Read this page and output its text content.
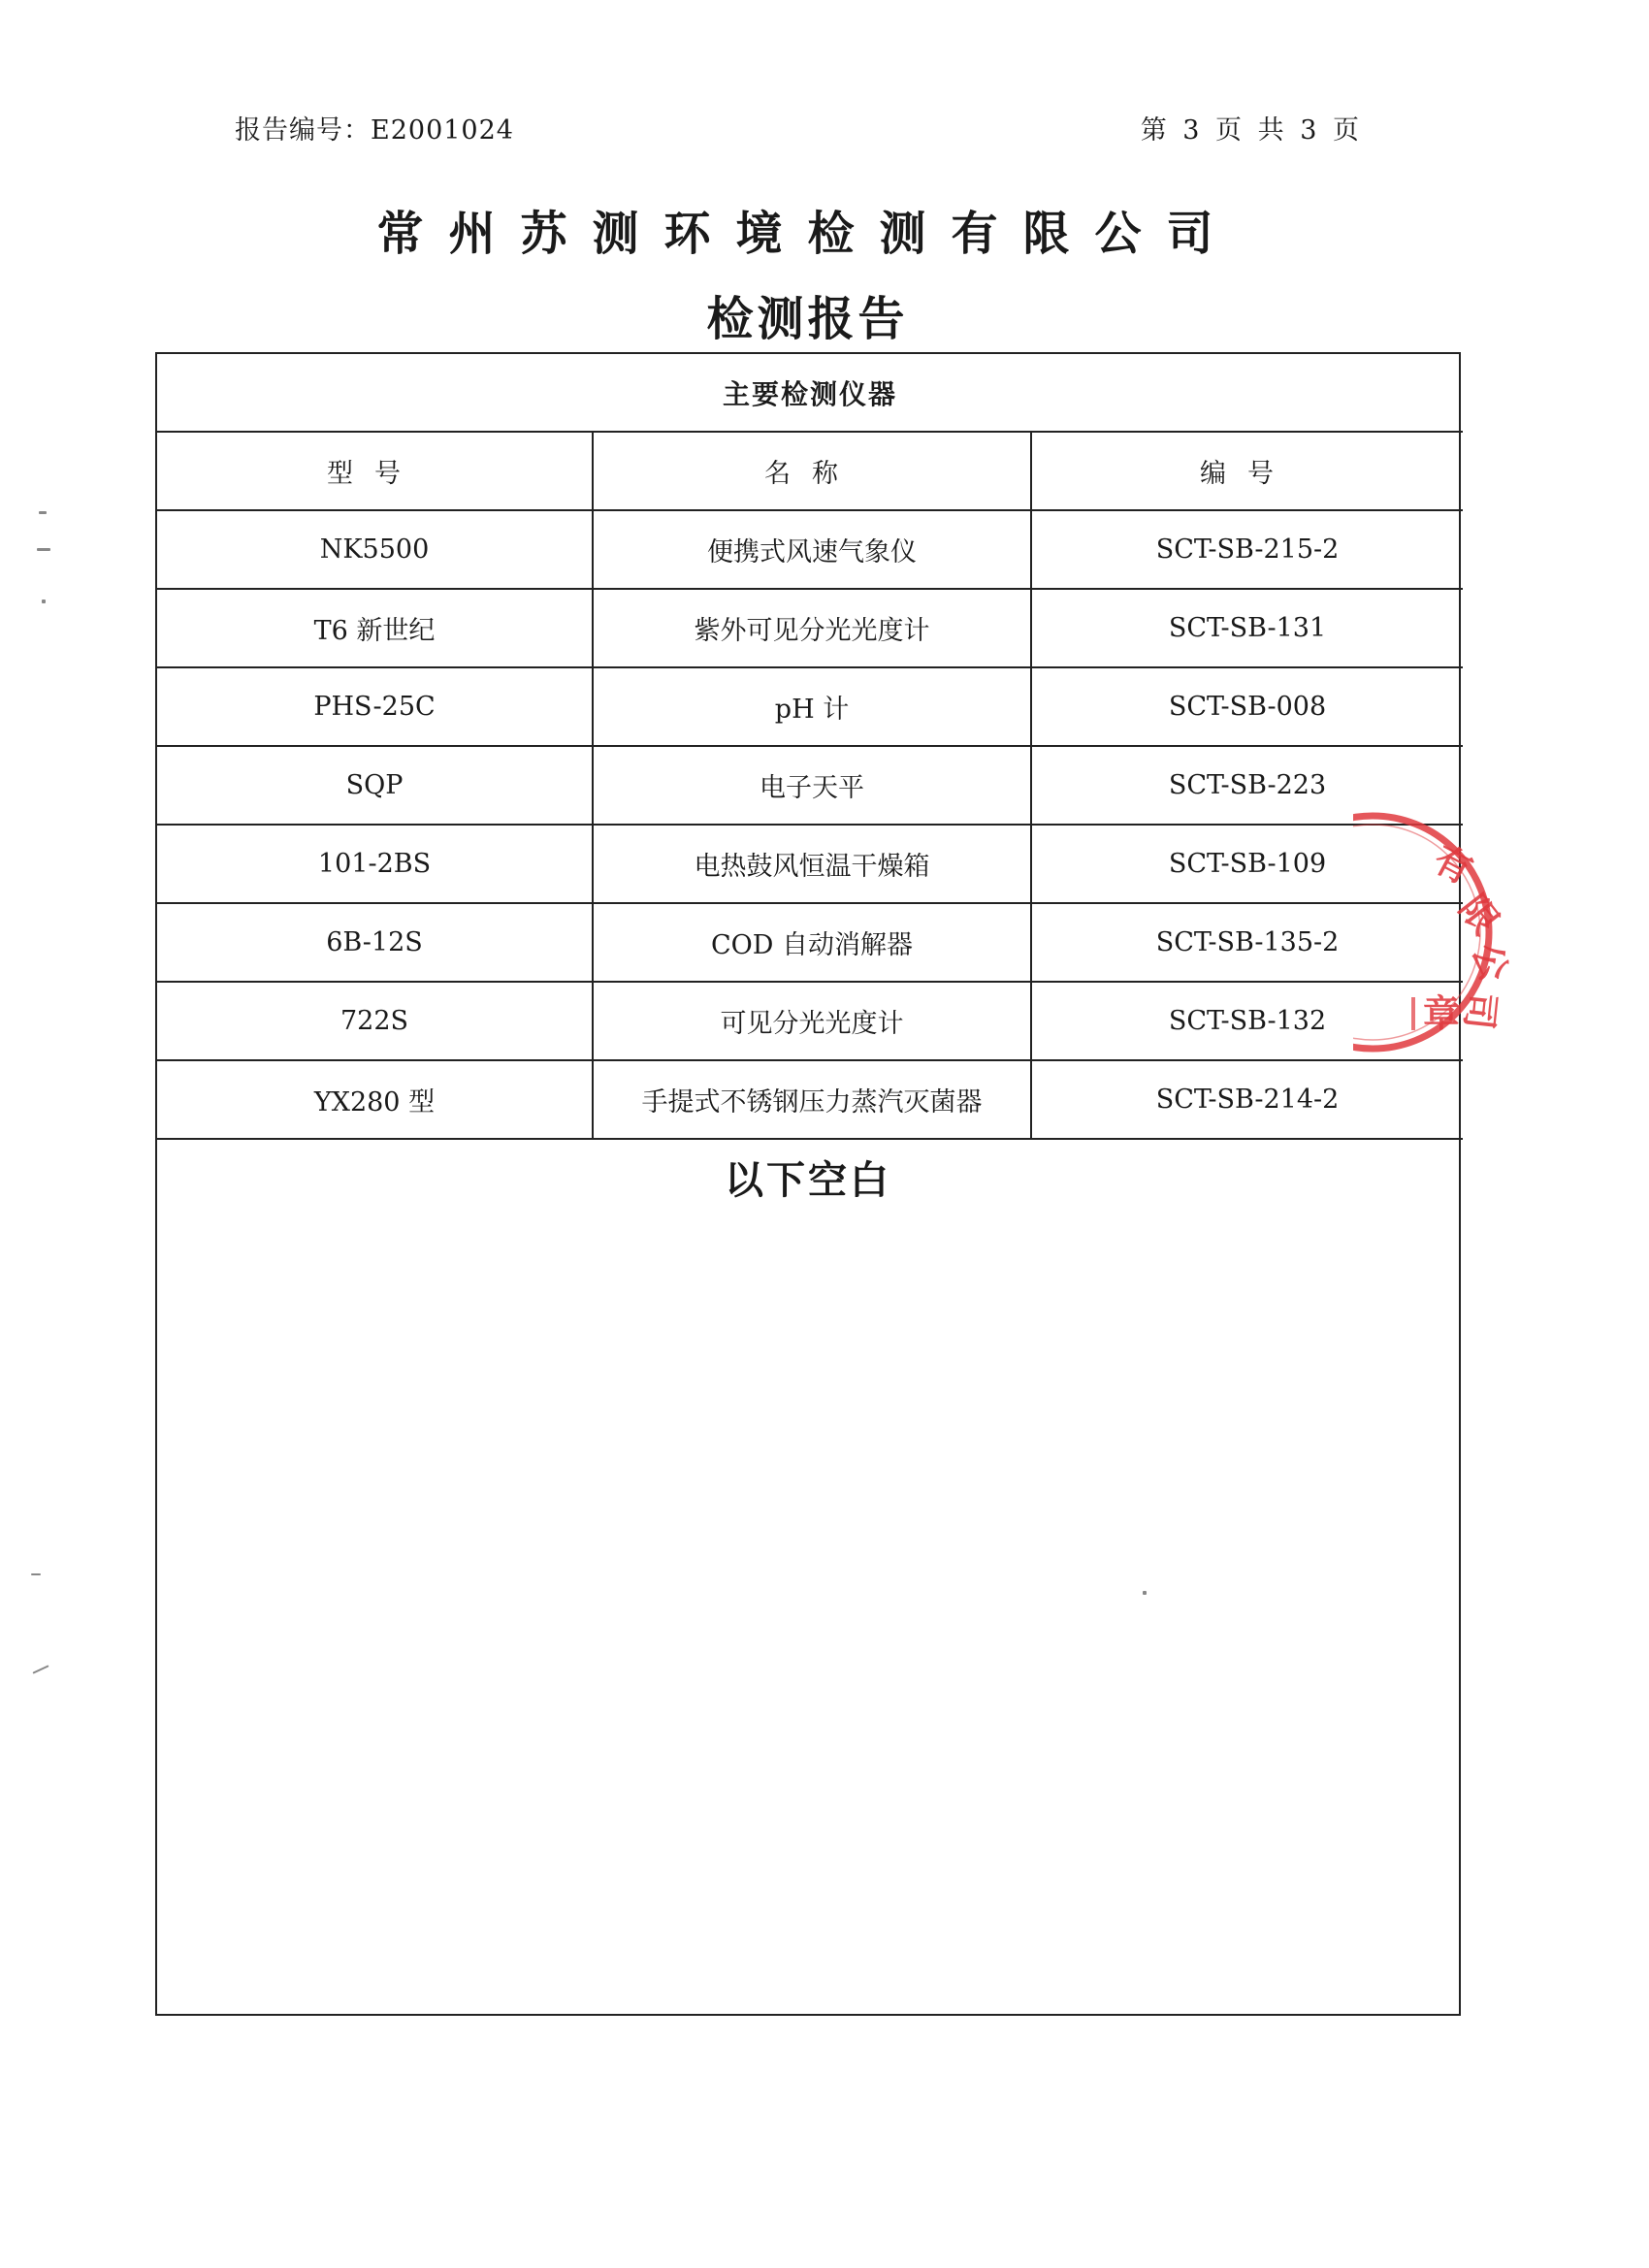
报告编号：E2001024	第 3 页 共 3 页
常州苏测环境检测有限公司
检测报告
主要检测仪器		
型号	名称	编号
NK5500	便携式风速气象仪	SCT-SB-215-2
T6 新世纪	紫外可见分光光度计	SCT-SB-131
PHS-25C	pH 计	SCT-SB-008
SQP	电子天平	SCT-SB-223
101-2BS	电热鼓风恒温干燥箱	SCT-SB-109
6B-12S	COD 自动消解器	SCT-SB-135-2
722S	可见分光光度计	SCT-SB-132
YX280 型	手提式不锈钢压力蒸汽灭菌器	SCT-SB-214-2
以下空白
有
限
公
司
章
